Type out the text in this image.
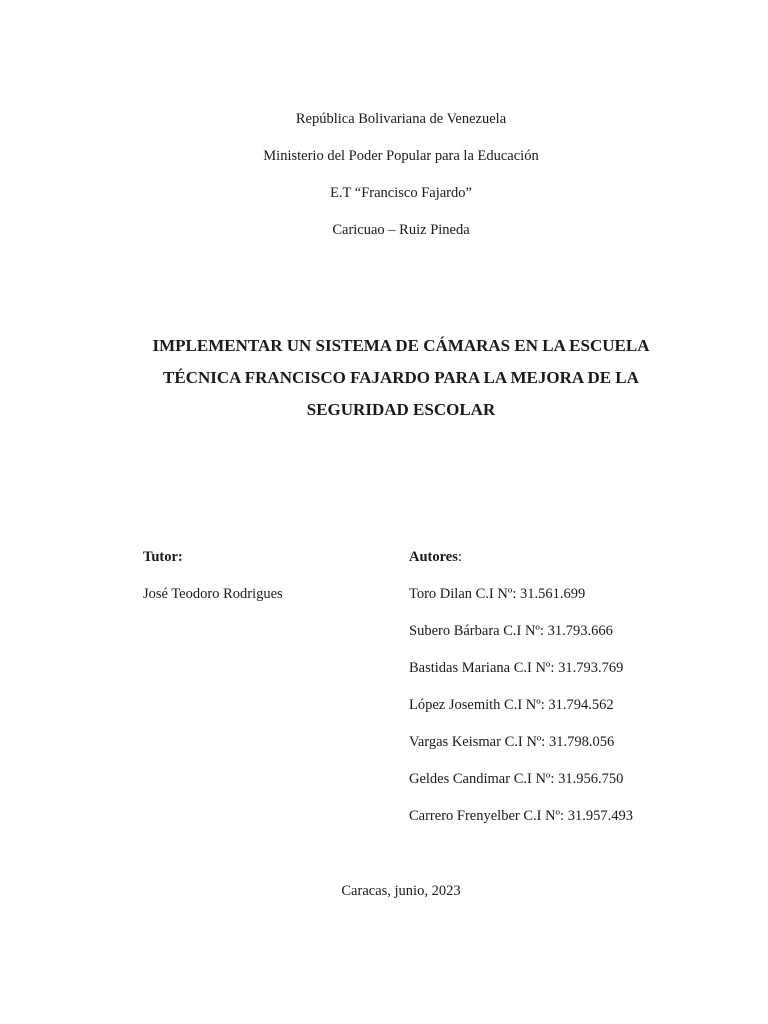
República Bolivariana de Venezuela
Ministerio del Poder Popular para la Educación
E.T “Francisco Fajardo”
Caricuao – Ruiz Pineda
IMPLEMENTAR UN SISTEMA DE CÁMARAS EN LA ESCUELA
TÉCNICA FRANCISCO FAJARDO PARA LA MEJORA DE LA
SEGURIDAD ESCOLAR
Tutor:
José Teodoro Rodrigues
Autores:
Toro Dilan C.I Nº: 31.561.699
Subero Bárbara C.I Nº: 31.793.666
Bastidas Mariana C.I Nº: 31.793.769
López Josemith C.I Nº: 31.794.562
Vargas Keismar C.I Nº: 31.798.056
Geldes Candimar C.I Nº: 31.956.750
Carrero Frenyelber C.I Nº: 31.957.493
Caracas, junio, 2023
